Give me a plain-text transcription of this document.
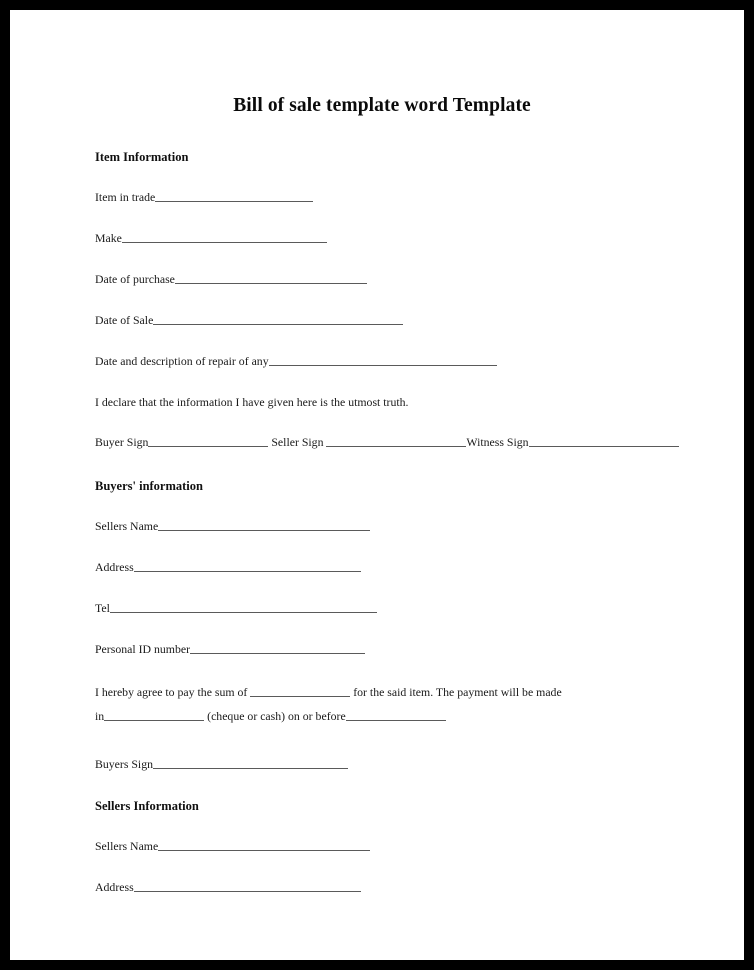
Bill of sale template word Template
Item Information
Item in trade
Make
Date of purchase
Date of Sale
Date and description of repair of any
I declare that the information I have given here is the utmost truth.
Buyer Sign	Seller Sign	Witness Sign
Buyers' information
Sellers Name
Address
Tel
Personal ID number
I hereby agree to pay the sum of	for the said item. The payment will be made
in	(cheque or cash) on or before
Buyers Sign
Sellers Information
Sellers Name
Address
